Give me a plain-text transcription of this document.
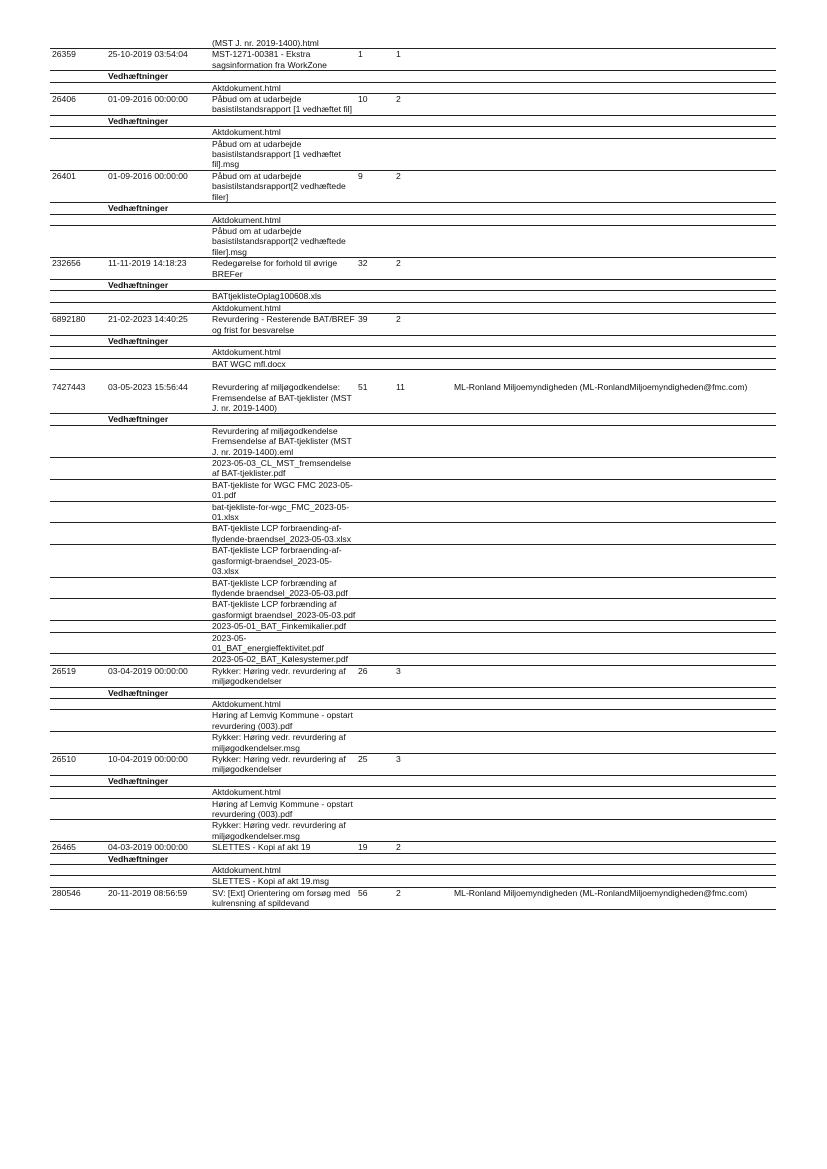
		(MST J. nr. 2019-1400).html			
26359	25-10-2019 03:54:04	MST-1271-00381 - Ekstra sagsinformation fra WorkZone	1	1	
	Vedhæftninger				
		Aktdokument.html			
26406	01-09-2016 00:00:00	Påbud om at udarbejde basistilstandsrapport [1 vedhæftet fil]	10	2	
	Vedhæftninger				
		Aktdokument.html			
		Påbud om at udarbejde basistilstandsrapport [1 vedhæftet fil].msg			
26401	01-09-2016 00:00:00	Påbud om at udarbejde basistilstandsrapport[2 vedhæftede filer]	9	2	
	Vedhæftninger				
		Aktdokument.html			
		Påbud om at udarbejde basistilstandsrapport[2 vedhæftede filer].msg			
232656	11-11-2019 14:18:23	Redegørelse for forhold til øvrige BREFer	32	2	
	Vedhæftninger				
		BATtjeklisteOplag100608.xls			
		Aktdokument.html			
6892180	21-02-2023 14:40:25	Revurdering - Resterende BAT/BREF og frist for besvarelse	39	2	
	Vedhæftninger				
		Aktdokument.html			
		BAT WGC mfl.docx			

7427443	03-05-2023 15:56:44	Revurdering af miljøgodkendelse: Fremsendelse af BAT-tjeklister (MST J. nr. 2019-1400)	51	11	ML-Ronland Miljoemyndigheden (ML-RonlandMiljoemyndigheden@fmc.com)
	Vedhæftninger				
		Revurdering af miljøgodkendelse Fremsendelse af BAT-tjeklister (MST J. nr. 2019-1400).eml			
		2023-05-03_CL_MST_fremsendelse af BAT-tjeklister.pdf			
		BAT-tjekliste for WGC FMC 2023-05-01.pdf			
		bat-tjekliste-for-wgc_FMC_2023-05-01.xlsx			
		BAT-tjekliste LCP forbraending-af-flydende-braendsel_2023-05-03.xlsx			
		BAT-tjekliste LCP forbraending-af-gasformigt-braendsel_2023-05-03.xlsx			
		BAT-tjekliste LCP forbrænding af flydende braendsel_2023-05-03.pdf			
		BAT-tjekliste LCP forbrænding af gasformigt braendsel_2023-05-03.pdf			
		2023-05-01_BAT_Finkemikalier.pdf			
		2023-05-01_BAT_energieffektivitet.pdf			
		2023-05-02_BAT_Kølesystemer.pdf			
26519	03-04-2019 00:00:00	Rykker: Høring vedr. revurdering af miljøgodkendelser	26	3	
	Vedhæftninger				
		Aktdokument.html			
		Høring af Lemvig Kommune - opstart revurdering (003).pdf			
		Rykker: Høring vedr. revurdering af miljøgodkendelser.msg			
26510	10-04-2019 00:00:00	Rykker: Høring vedr. revurdering af miljøgodkendelser	25	3	
	Vedhæftninger				
		Aktdokument.html			
		Høring af Lemvig Kommune - opstart revurdering (003).pdf			
		Rykker: Høring vedr. revurdering af miljøgodkendelser.msg			
26465	04-03-2019 00:00:00	SLETTES - Kopi af akt 19	19	2	
	Vedhæftninger				
		Aktdokument.html			
		SLETTES - Kopi af akt 19.msg			
280546	20-11-2019 08:56:59	SV: [Ext] Orientering om forsøg med kulrensning af spildevand	56	2	ML-Ronland Miljoemyndigheden (ML-RonlandMiljoemyndigheden@fmc.com)
